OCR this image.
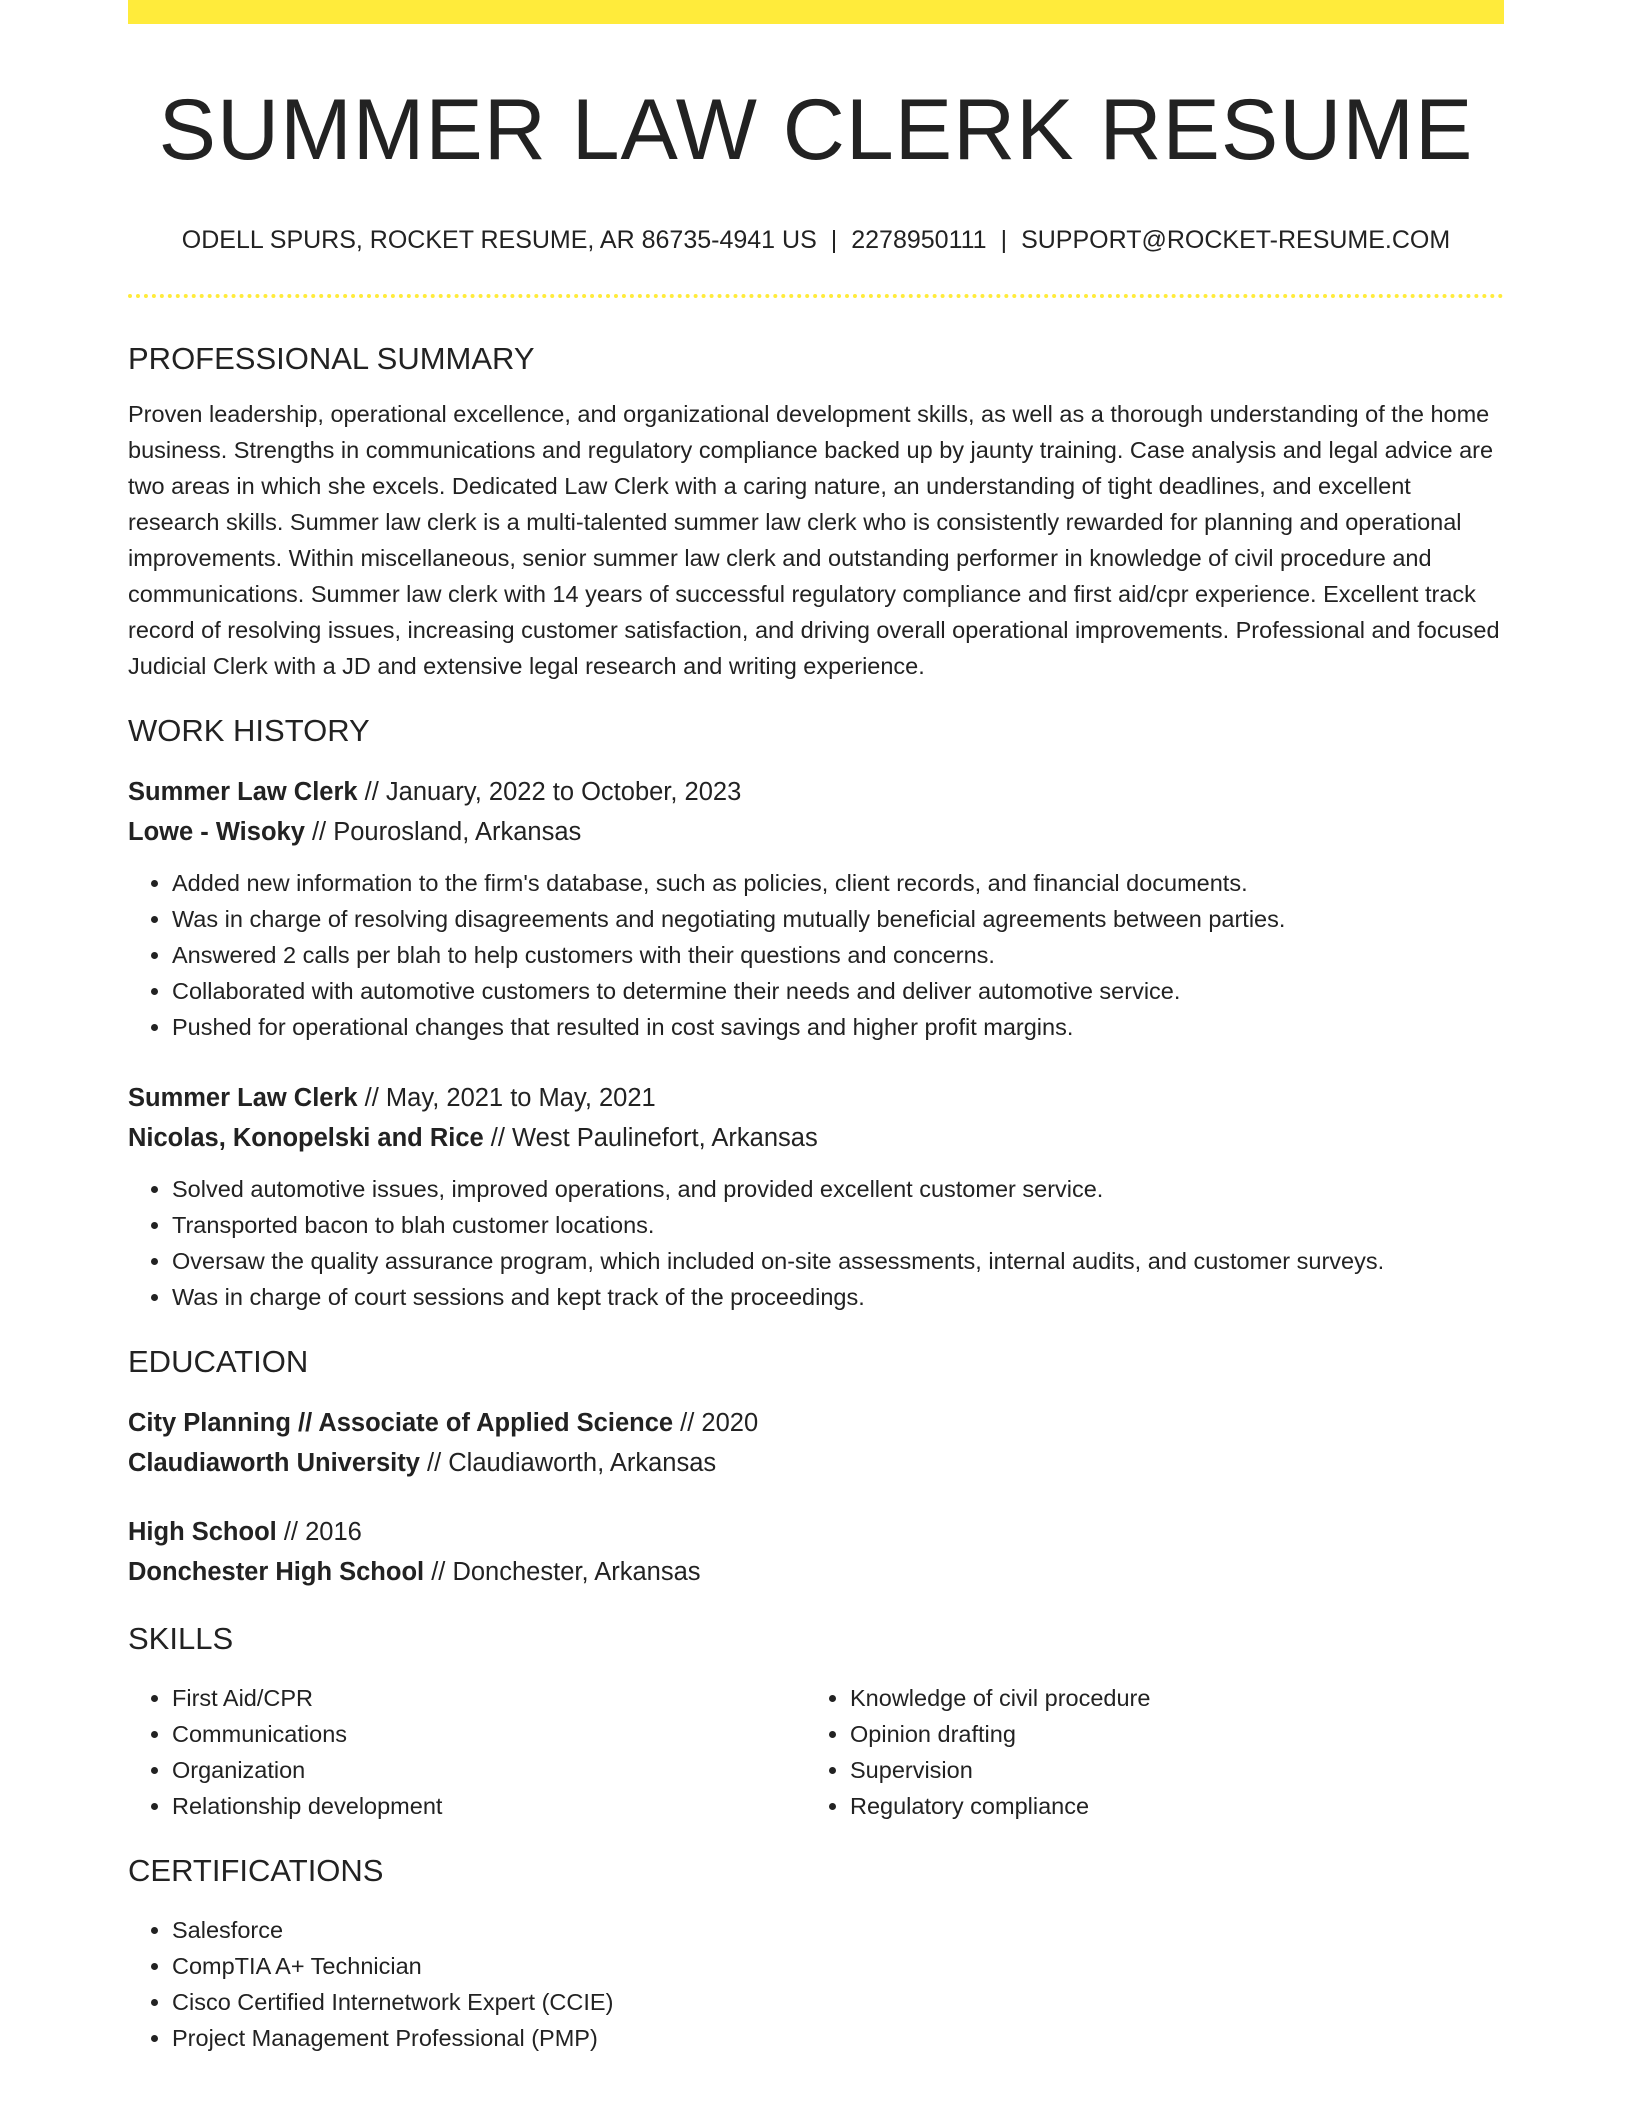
SUMMER LAW CLERK RESUME
ODELL SPURS, ROCKET RESUME, AR 86735-4941 US | 2278950111 | SUPPORT@ROCKET-RESUME.COM
PROFESSIONAL SUMMARY

Proven leadership, operational excellence, and organizational development skills, as well as a thorough understanding of the home business. Strengths in communications and regulatory compliance backed up by jaunty training. Case analysis and legal advice are two areas in which she excels. Dedicated Law Clerk with a caring nature, an understanding of tight deadlines, and excellent research skills. Summer law clerk is a multi-talented summer law clerk who is consistently rewarded for planning and operational improvements. Within miscellaneous, senior summer law clerk and outstanding performer in knowledge of civil procedure and communications. Summer law clerk with 14 years of successful regulatory compliance and first aid/cpr experience. Excellent track record of resolving issues, increasing customer satisfaction, and driving overall operational improvements. Professional and focused Judicial Clerk with a JD and extensive legal research and writing experience.

WORK HISTORY
Summer Law Clerk // January, 2022 to October, 2023
Lowe - Wisoky // Pourosland, Arkansas
• Added new information to the firm's database, such as policies, client records, and financial documents.
• Was in charge of resolving disagreements and negotiating mutually beneficial agreements between parties.
• Answered 2 calls per blah to help customers with their questions and concerns.
• Collaborated with automotive customers to determine their needs and deliver automotive service.
• Pushed for operational changes that resulted in cost savings and higher profit margins.
Summer Law Clerk // May, 2021 to May, 2021
Nicolas, Konopelski and Rice // West Paulinefort, Arkansas
• Solved automotive issues, improved operations, and provided excellent customer service.
• Transported bacon to blah customer locations.
• Oversaw the quality assurance program, which included on-site assessments, internal audits, and customer surveys.
• Was in charge of court sessions and kept track of the proceedings.
EDUCATION
City Planning // Associate of Applied Science // 2020
Claudiaworth University // Claudiaworth, Arkansas
High School // 2016
Donchester High School // Donchester, Arkansas
SKILLS
• First Aid/CPR
• Communications
• Organization
• Relationship development
• Knowledge of civil procedure
• Opinion drafting
• Supervision
• Regulatory compliance
CERTIFICATIONS
• Salesforce
• CompTIA A+ Technician
• Cisco Certified Internetwork Expert (CCIE)
• Project Management Professional (PMP)
